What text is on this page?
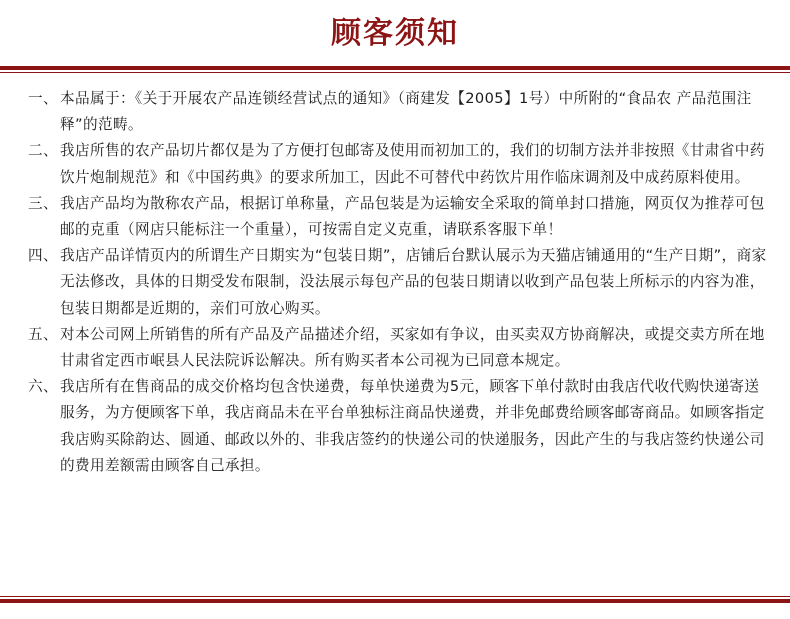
顾客须知
一、 本品属于：《关于开展农产品连锁经营试点的通知》（商建发【2005】1号）中所附的“食品农 产品范围注释”的范畴。
二、 我店所售的农产品切片都仅是为了方便打包邮寄及使用而初加工的，我们的切制方法并非按照《甘肃省中药饮片炮制规范》和《中国药典》的要求所加工，因此不可替代中药饮片用作临床调剂及中成药原料使用。
三、 我店产品均为散称农产品，根据订单称量，产品包装是为运输安全采取的简单封口措施，网页仅为推荐可包邮的克重（网店只能标注一个重量），可按需自定义克重，请联系客服下单！
四、 我店产品详情页内的所谓生产日期实为“包装日期”，店铺后台默认展示为天猫店铺通用的“生产日期”，商家无法修改，具体的日期受发布限制，没法展示每包产品的包装日期请以收到产品包装上所标示的内容为准，包装日期都是近期的，亲们可放心购买。
五、 对本公司网上所销售的所有产品及产品描述介绍，买家如有争议，由买卖双方协商解决，或提交卖方所在地甘肃省定西市岷县人民法院诉讼解决。所有购买者本公司视为已同意本规定。
六、 我店所有在售商品的成交价格均包含快递费，每单快递费为5元，顾客下单付款时由我店代收代购快递寄送服务，为方便顾客下单，我店商品未在平台单独标注商品快递费，并非免邮费给顾客邮寄商品。如顾客指定我店购买除韵达、圆通、邮政以外的、非我店签约的快递公司的快递服务，因此产生的与我店签约快递公司的费用差额需由顾客自己承担。
